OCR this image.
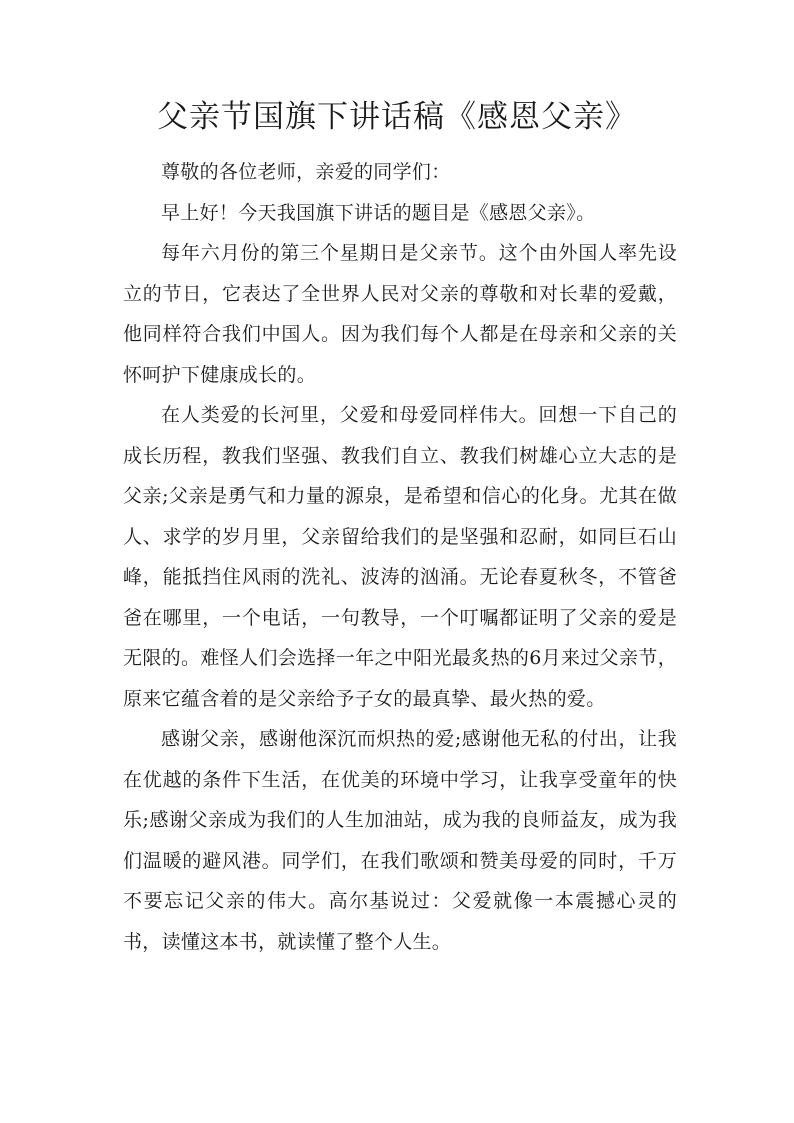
父亲节国旗下讲话稿《感恩父亲》

尊敬的各位老师，亲爱的同学们：

早上好！今天我国旗下讲话的题目是《感恩父亲》。

每年六月份的第三个星期日是父亲节。这个由外国人率先设立的节日，它表达了全世界人民对父亲的尊敬和对长辈的爱戴，他同样符合我们中国人。因为我们每个人都是在母亲和父亲的关怀呵护下健康成长的。

在人类爱的长河里，父爱和母爱同样伟大。回想一下自己的成长历程，教我们坚强、教我们自立、教我们树雄心立大志的是父亲;父亲是勇气和力量的源泉，是希望和信心的化身。尤其在做人、求学的岁月里，父亲留给我们的是坚强和忍耐，如同巨石山峰，能抵挡住风雨的洗礼、波涛的汹涌。无论春夏秋冬，不管爸爸在哪里，一个电话，一句教导，一个叮嘱都证明了父亲的爱是无限的。难怪人们会选择一年之中阳光最炙热的6月来过父亲节，原来它蕴含着的是父亲给予子女的最真挚、最火热的爱。

感谢父亲，感谢他深沉而炽热的爱;感谢他无私的付出，让我在优越的条件下生活，在优美的环境中学习，让我享受童年的快乐;感谢父亲成为我们的人生加油站，成为我的良师益友，成为我们温暖的避风港。同学们，在我们歌颂和赞美母爱的同时，千万不要忘记父亲的伟大。高尔基说过：父爱就像一本震撼心灵的书，读懂这本书，就读懂了整个人生。
